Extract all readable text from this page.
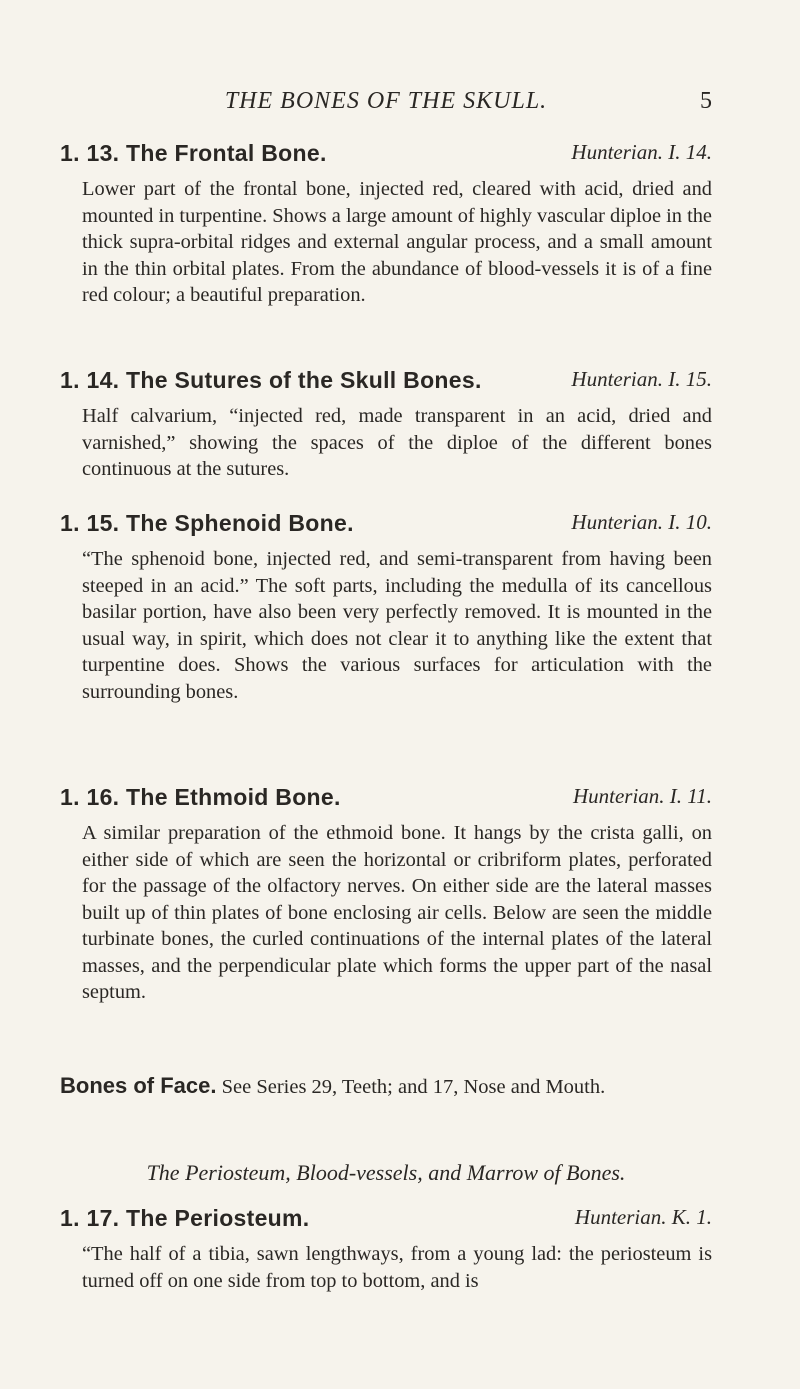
THE BONES OF THE SKULL.	5
1. 13. The Frontal Bone.	Hunterian. I. 14.

Lower part of the frontal bone, injected red, cleared with acid, dried and mounted in turpentine. Shows a large amount of highly vascular diploe in the thick supra-orbital ridges and external angular process, and a small amount in the thin orbital plates. From the abundance of blood-vessels it is of a fine red colour; a beautiful preparation.

1. 14. The Sutures of the Skull Bones.	Hunterian. I. 15.

Half calvarium, “injected red, made transparent in an acid, dried and varnished,” showing the spaces of the diploe of the different bones continuous at the sutures.

1. 15. The Sphenoid Bone.	Hunterian. I. 10.

“The sphenoid bone, injected red, and semi-transparent from having been steeped in an acid.” The soft parts, including the medulla of its cancellous basilar portion, have also been very perfectly removed. It is mounted in the usual way, in spirit, which does not clear it to anything like the extent that turpentine does. Shows the various surfaces for articulation with the surrounding bones.

1. 16. The Ethmoid Bone.	Hunterian. I. 11.

A similar preparation of the ethmoid bone. It hangs by the crista galli, on either side of which are seen the horizontal or cribriform plates, perforated for the passage of the olfactory nerves. On either side are the lateral masses built up of thin plates of bone enclosing air cells. Below are seen the middle turbinate bones, the curled continuations of the internal plates of the lateral masses, and the perpendicular plate which forms the upper part of the nasal septum.

Bones of Face. See Series 29, Teeth; and 17, Nose and Mouth.
The Periosteum, Blood-vessels, and Marrow of Bones.
1. 17. The Periosteum.	Hunterian. K. 1.

“The half of a tibia, sawn lengthways, from a young lad: the periosteum is turned off on one side from top to bottom, and is
